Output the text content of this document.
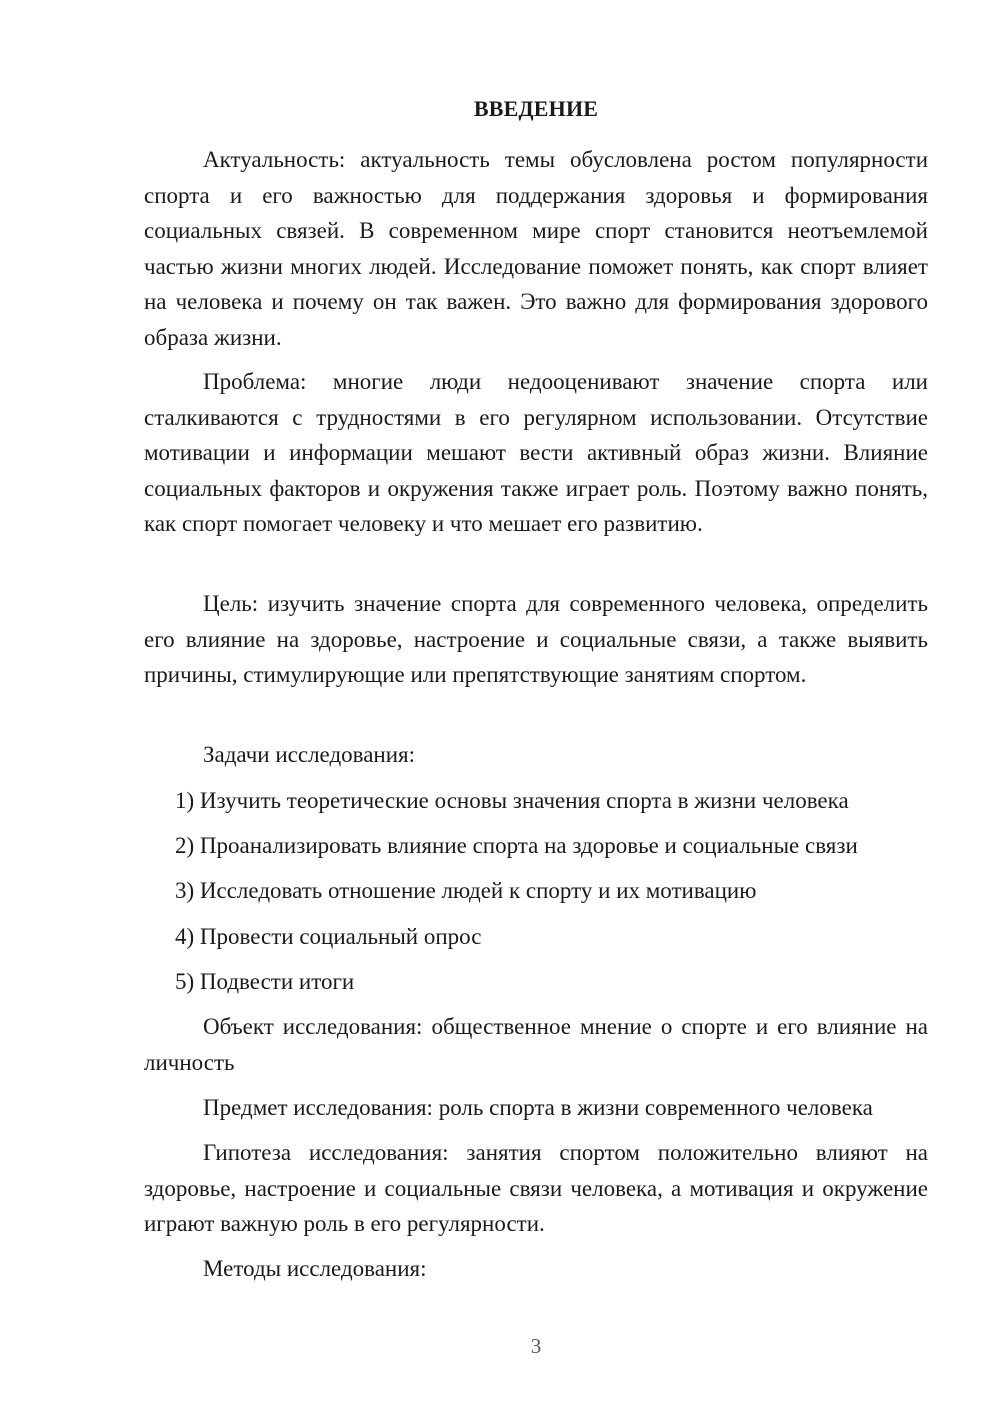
ВВЕДЕНИЕ

Актуальность: актуальность темы обусловлена ростом популярности спорта и его важностью для поддержания здоровья и формирования социальных связей. В современном мире спорт становится неотъемлемой частью жизни многих людей. Исследование поможет понять, как спорт влияет на человека и почему он так важен. Это важно для формирования здорового образа жизни.

Проблема: многие люди недооценивают значение спорта или сталкиваются с трудностями в его регулярном использовании. Отсутствие мотивации и информации мешают вести активный образ жизни. Влияние социальных факторов и окружения также играет роль. Поэтому важно понять, как спорт помогает человеку и что мешает его развитию.

Цель: изучить значение спорта для современного человека, определить его влияние на здоровье, настроение и социальные связи, а также выявить причины, стимулирующие или препятствующие занятиям спортом.

Задачи исследования:
1) Изучить теоретические основы значения спорта в жизни человека
2) Проанализировать влияние спорта на здоровье и социальные связи
3) Исследовать отношение людей к спорту и их мотивацию
4) Провести социальный опрос
5) Подвести итоги

Объект исследования: общественное мнение о спорте и его влияние на личность

Предмет исследования: роль спорта в жизни современного человека

Гипотеза исследования: занятия спортом положительно влияют на здоровье, настроение и социальные связи человека, а мотивация и окружение играют важную роль в его регулярности.

Методы исследования:
3
